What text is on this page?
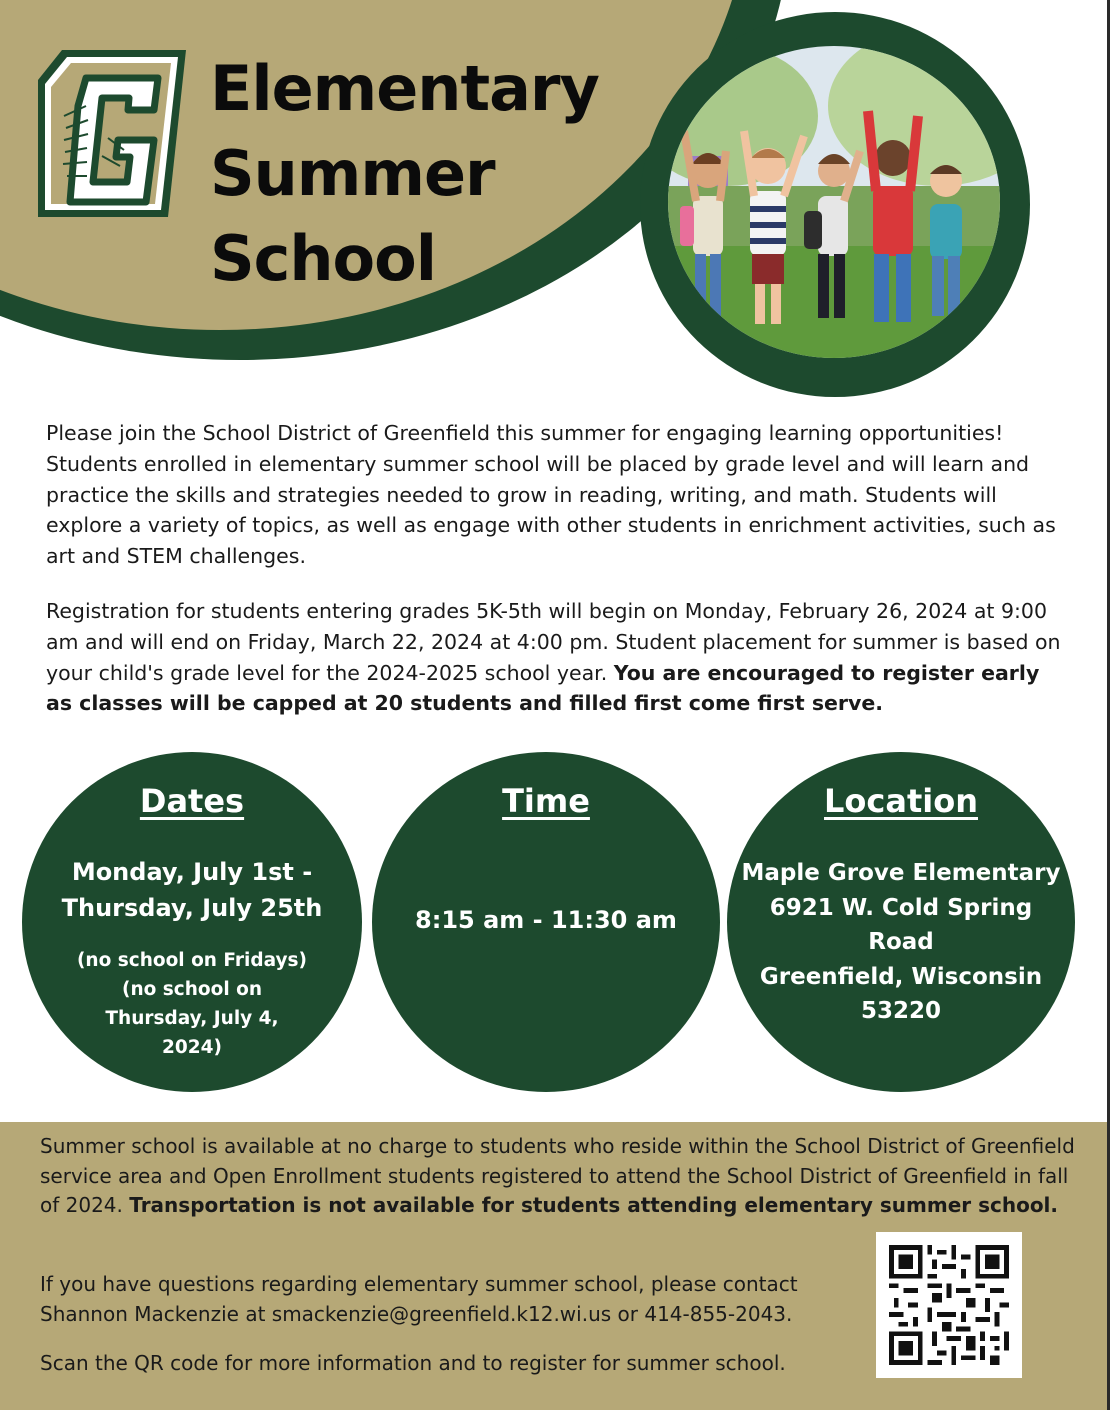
Elementary
Summer
School

Please join the School District of Greenfield this summer for engaging learning opportunities! Students enrolled in elementary summer school will be placed by grade level and will learn and practice the skills and strategies needed to grow in reading, writing, and math. Students will explore a variety of topics, as well as engage with other students in enrichment activities, such as art and STEM challenges.

Registration for students entering grades 5K-5th will begin on Monday, February 26, 2024 at 9:00 am and will end on Friday, March 22, 2024 at 4:00 pm. Student placement for summer is based on your child's grade level for the 2024-2025 school year. You are encouraged to register early as classes will be capped at 20 students and filled first come first serve.

Dates
Monday, July 1st -
Thursday, July 25th
(no school on Fridays)
(no school on
Thursday, July 4,
2024)
Time
8:15 am - 11:30 am
Location
Maple Grove Elementary
6921 W. Cold Spring
Road
Greenfield, Wisconsin
53220

Summer school is available at no charge to students who reside within the School District of Greenfield service area and Open Enrollment students registered to attend the School District of Greenfield in fall of 2024. Transportation is not available for students attending elementary summer school.

If you have questions regarding elementary summer school, please contact Shannon Mackenzie at smackenzie@greenfield.k12.wi.us or 414-855-2043.

Scan the QR code for more information and to register for summer school.
